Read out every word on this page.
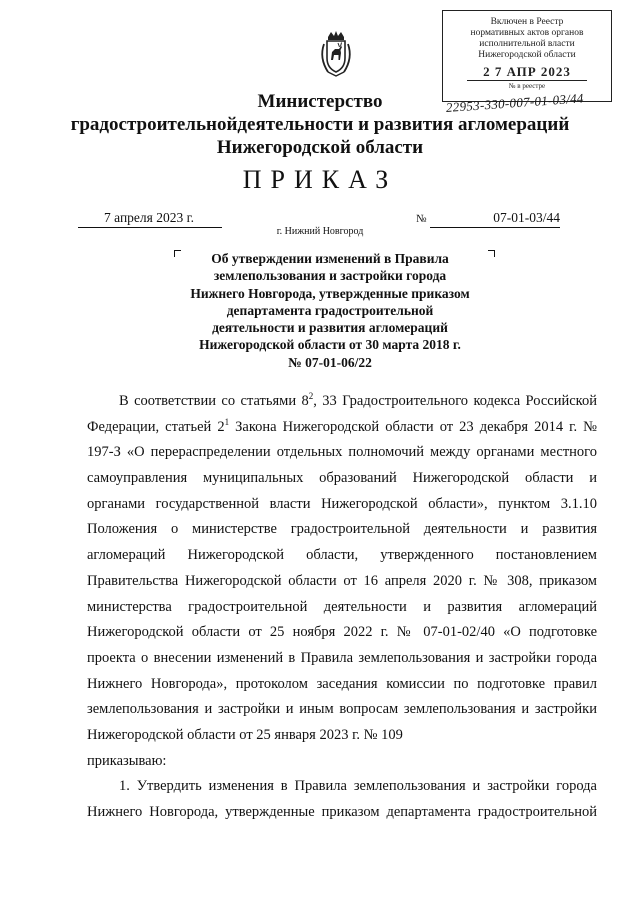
Включен в Реестр
нормативных актов органов
исполнительной власти
Нижегородской области
2 7 АПР 2023
№ в реестре
22953-330-007-01-03/44
Министерство
градостроительнойдеятельности и развития агломераций
Нижегородской области
ПРИКАЗ
7 апреля 2023 г.	№	07-01-03/44
г. Нижний Новгород
Об утверждении изменений в Правила
землепользования и застройки города
Нижнего Новгорода, утвержденные приказом
департамента градостроительной
деятельности и развития агломераций
Нижегородской области от 30 марта 2018 г.
№ 07-01-06/22
В соответствии со статьями $8^2$, 33 Градостроительного кодекса Российской
Федерации, статьей $2^1$ Закона Нижегородской области от 23 декабря 2014 г. №
197-З «О перераспределении отдельных полномочий между органами местного
самоуправления муниципальных образований Нижегородской области и
органами государственной власти Нижегородской области», пунктом 3.1.10
Положения о министерстве градостроительной деятельности и развития
агломераций Нижегородской области, утвержденного постановлением
Правительства Нижегородской области от 16 апреля 2020 г. № 308, приказом
министерства градостроительной деятельности и развития агломераций
Нижегородской области от 25 ноября 2022 г. № 07-01-02/40 «О подготовке
проекта о внесении изменений в Правила землепользования и застройки города
Нижнего Новгорода», протоколом заседания комиссии по подготовке правил
землепользования и застройки и иным вопросам землепользования и застройки
Нижегородской области от 25 января 2023 г. № 109
приказываю:
1. Утвердить изменения в Правила землепользования и застройки города
Нижнего Новгорода, утвержденные приказом департамента градостроительной
